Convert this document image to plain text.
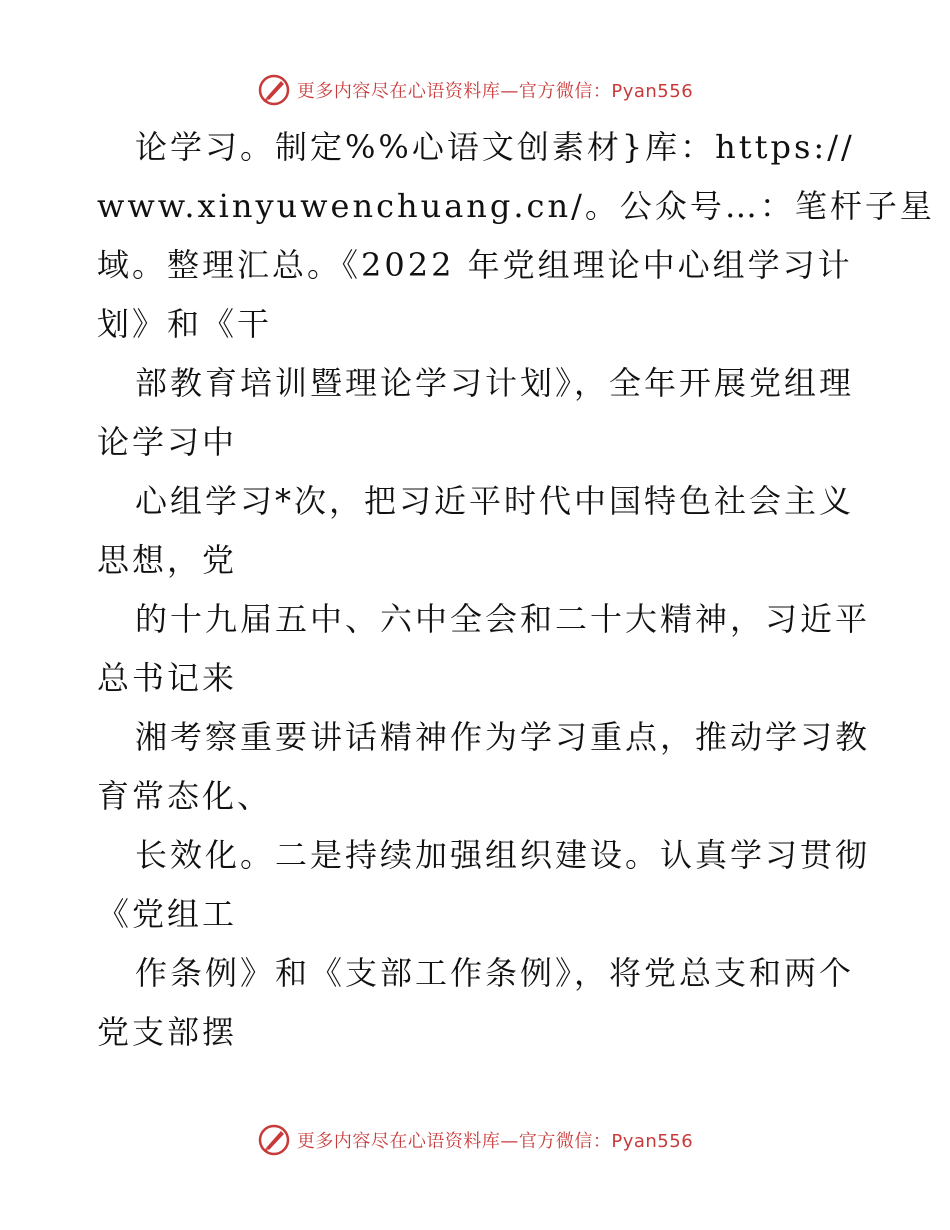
更多内容尽在心语资料库—官方微信：Pyan556
论学习。制定%%心语文创素材}库：https://
www.xinyuwenchuang.cn/。公众号…：笔杆子星
域。整理汇总。《2022 年党组理论中心组学习计
划》和《干
部教育培训暨理论学习计划》，全年开展党组理
论学习中
心组学习*次，把习近平时代中国特色社会主义
思想，党
的十九届五中、六中全会和二十大精神，习近平
总书记来
湘考察重要讲话精神作为学习重点，推动学习教
育常态化、
长效化。二是持续加强组织建设。认真学习贯彻
《党组工
作条例》和《支部工作条例》，将党总支和两个
党支部摆
更多内容尽在心语资料库—官方微信：Pyan556
